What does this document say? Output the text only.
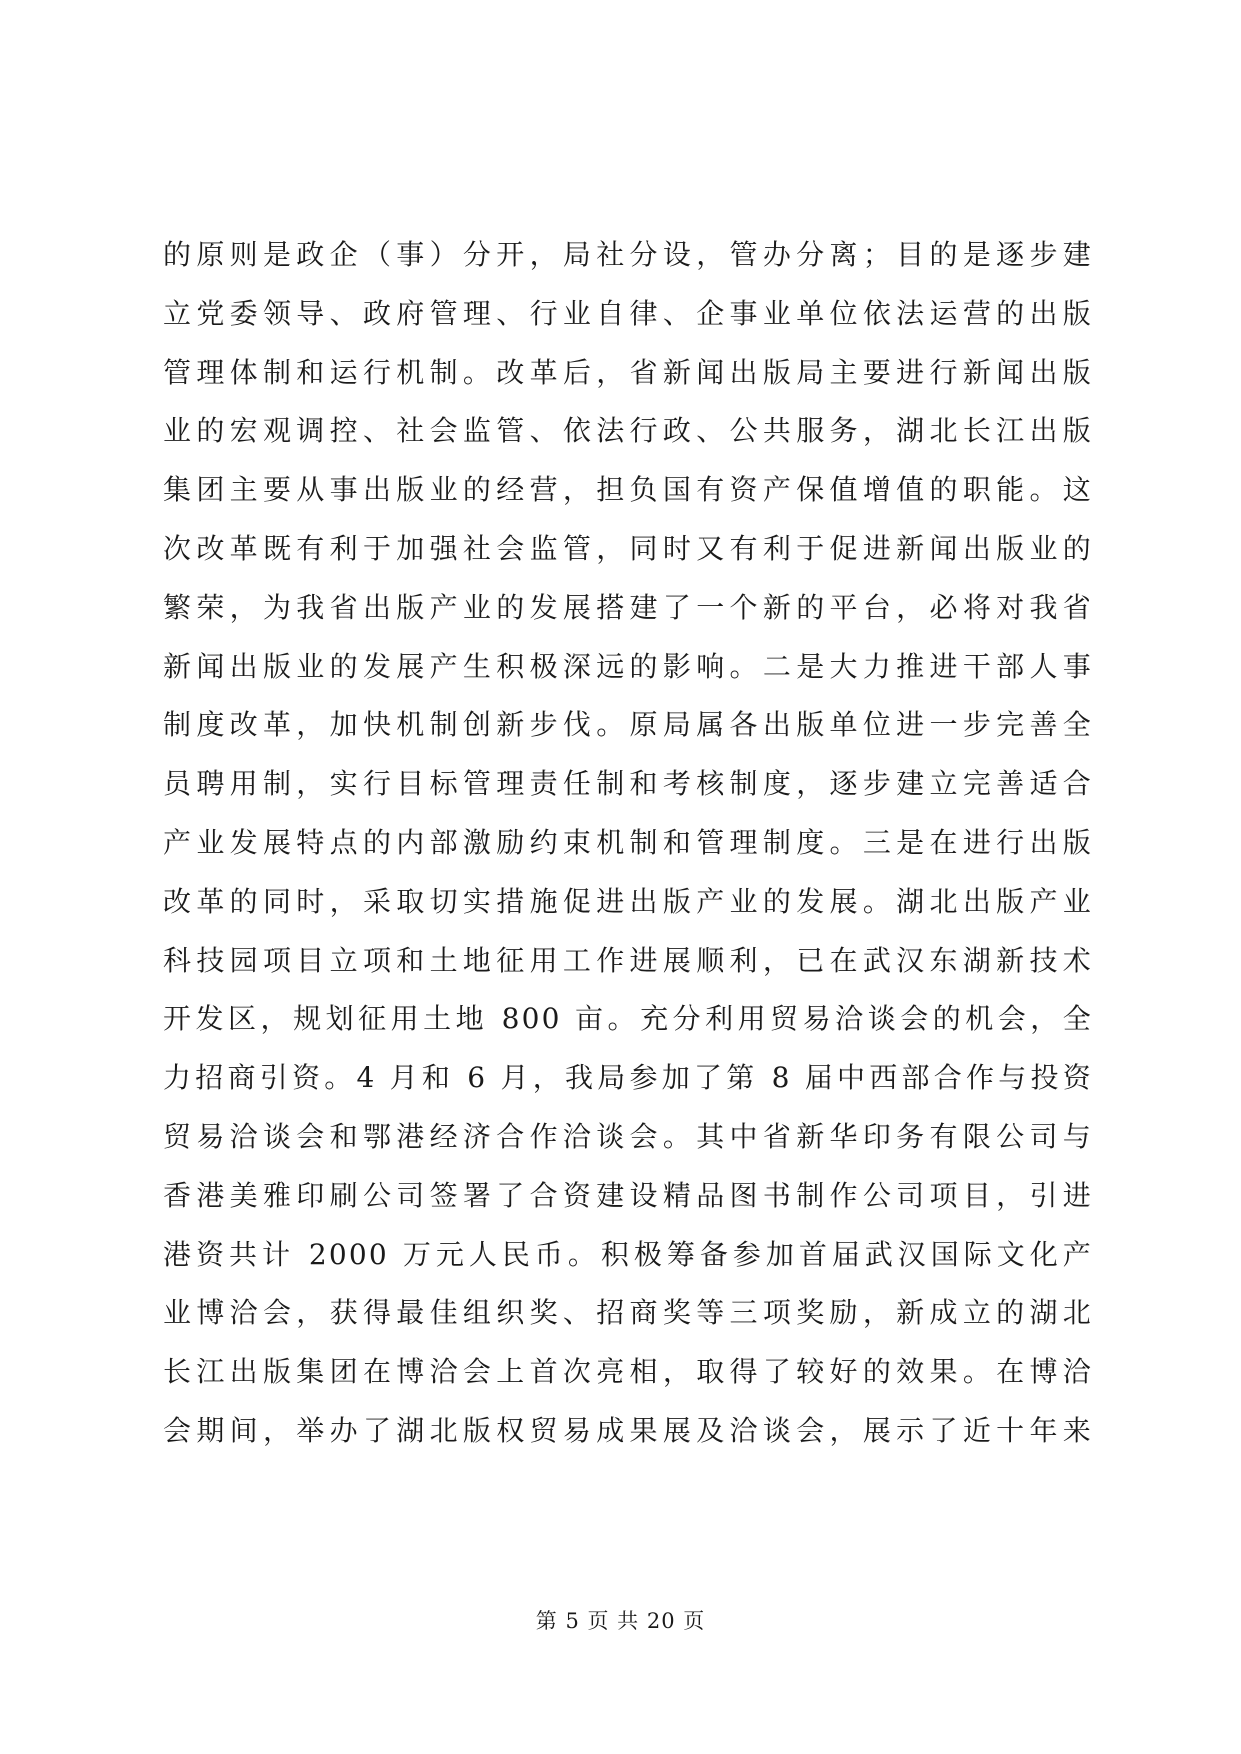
的原则是政企（事）分开，局社分设，管办分离；目的是逐步建
立党委领导、政府管理、行业自律、企事业单位依法运营的出版
管理体制和运行机制。改革后，省新闻出版局主要进行新闻出版
业的宏观调控、社会监管、依法行政、公共服务，湖北长江出版
集团主要从事出版业的经营，担负国有资产保值增值的职能。这
次改革既有利于加强社会监管，同时又有利于促进新闻出版业的
繁荣，为我省出版产业的发展搭建了一个新的平台，必将对我省
新闻出版业的发展产生积极深远的影响。二是大力推进干部人事
制度改革，加快机制创新步伐。原局属各出版单位进一步完善全
员聘用制，实行目标管理责任制和考核制度，逐步建立完善适合
产业发展特点的内部激励约束机制和管理制度。三是在进行出版
改革的同时，采取切实措施促进出版产业的发展。湖北出版产业
科技园项目立项和土地征用工作进展顺利，已在武汉东湖新技术
开发区，规划征用土地 800 亩。充分利用贸易洽谈会的机会，全
力招商引资。4 月和 6 月，我局参加了第 8 届中西部合作与投资
贸易洽谈会和鄂港经济合作洽谈会。其中省新华印务有限公司与
香港美雅印刷公司签署了合资建设精品图书制作公司项目，引进
港资共计 2000 万元人民币。积极筹备参加首届武汉国际文化产
业博洽会，获得最佳组织奖、招商奖等三项奖励，新成立的湖北
长江出版集团在博洽会上首次亮相，取得了较好的效果。在博洽
会期间，举办了湖北版权贸易成果展及洽谈会，展示了近十年来
第 5 页 共 20 页
